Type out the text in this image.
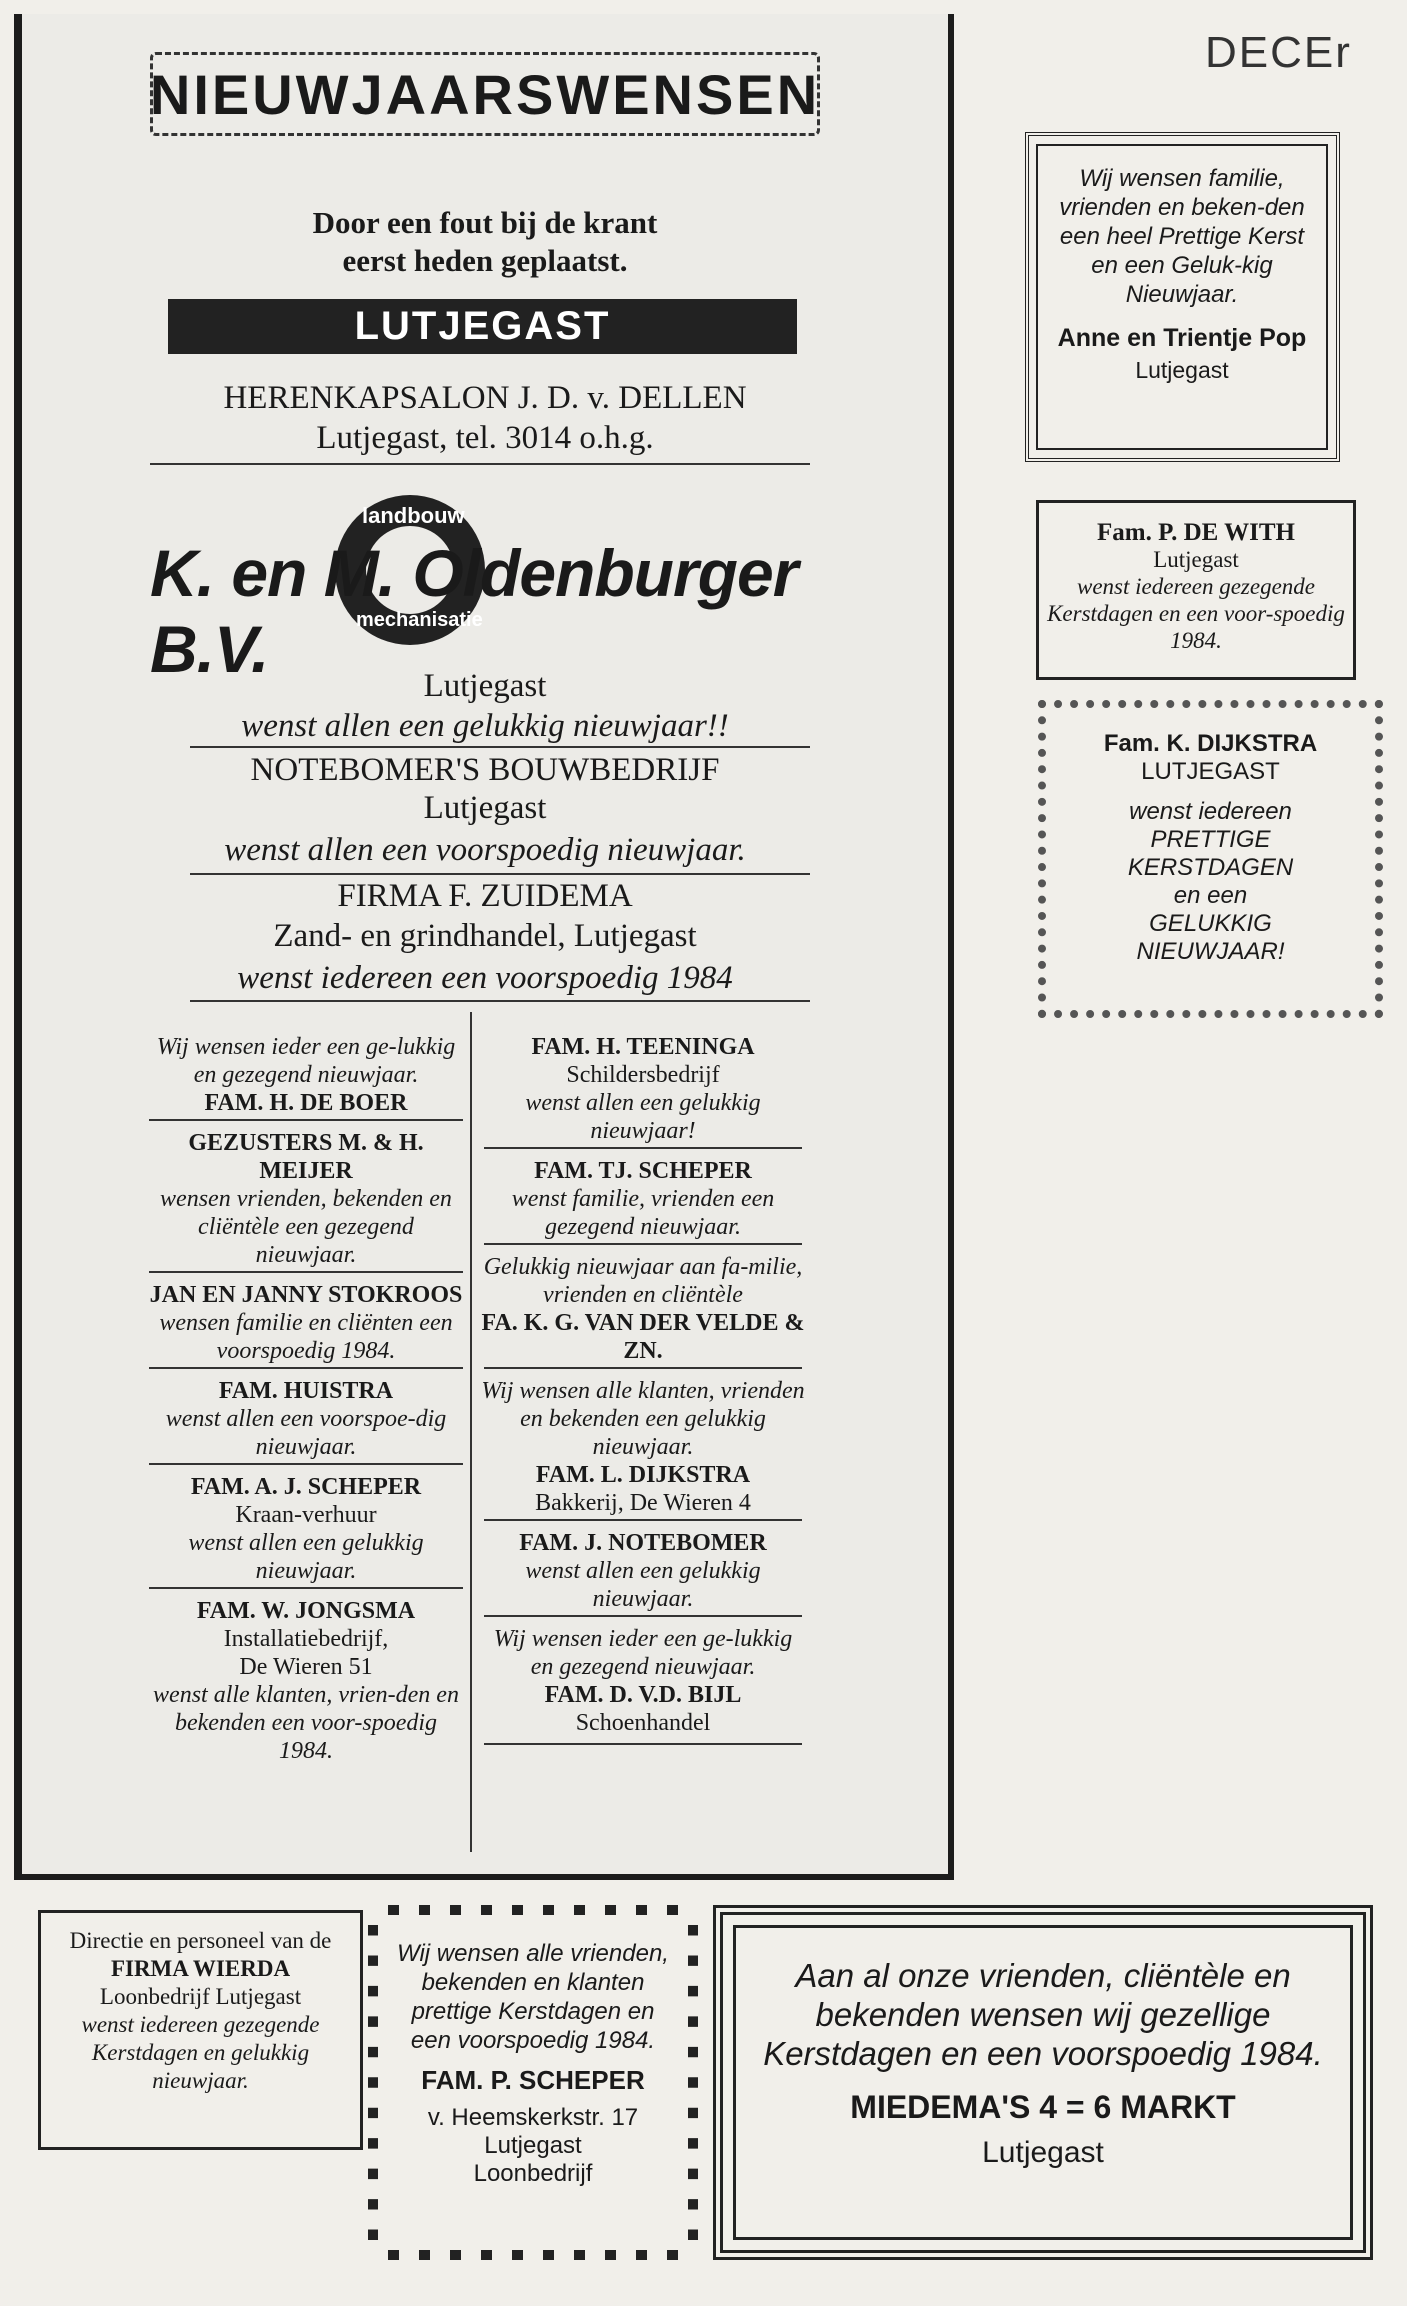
DECEr
NIEUWJAARSWENSEN
Door een fout bij de krant
eerst heden geplaatst.
LUTJEGAST
HERENKAPSALON J. D. v. DELLEN
Lutjegast, tel. 3014 o.h.g.
landbouw
mechanisatie
K. en M. Oldenburger B.V.	Lutjegast
wenst allen een gelukkig nieuwjaar!!
NOTEBOMER'S BOUWBEDRIJF
Lutjegast
wenst allen een voorspoedig nieuwjaar.
FIRMA F. ZUIDEMA
Zand- en grindhandel, Lutjegast
wenst iedereen een voorspoedig 1984
Wij wensen ieder een ge-lukkig en gezegend nieuwjaar.
FAM. H. DE BOER
GEZUSTERS M. & H. MEIJER
wensen vrienden, bekenden en cliëntèle een gezegend nieuwjaar.
JAN EN JANNY STOKROOS
wensen familie en cliënten een voorspoedig 1984.
FAM. HUISTRA
wenst allen een voorspoe-dig nieuwjaar.
FAM. A. J. SCHEPER
Kraan-verhuur
wenst allen een gelukkig nieuwjaar.
FAM. W. JONGSMA
Installatiebedrijf,
De Wieren 51
wenst alle klanten, vrien-den en bekenden een voor-spoedig 1984.
FAM. H. TEENINGA
Schildersbedrijf
wenst allen een gelukkig nieuwjaar!
FAM. TJ. SCHEPER
wenst familie, vrienden een gezegend nieuwjaar.
Gelukkig nieuwjaar aan fa-milie, vrienden en cliëntèle
FA. K. G. VAN DER VELDE & ZN.
Wij wensen alle klanten, vrienden en bekenden een gelukkig nieuwjaar.
FAM. L. DIJKSTRA
Bakkerij, De Wieren 4
FAM. J. NOTEBOMER
wenst allen een gelukkig nieuwjaar.
Wij wensen ieder een ge-lukkig en gezegend nieuwjaar.
FAM. D. V.D. BIJL
Schoenhandel
Wij wensen familie, vrienden en beken-den een heel Prettige Kerst en een Geluk-kig Nieuwjaar.
Anne en Trientje Pop
Lutjegast
Fam. P. DE WITH
Lutjegast
wenst iedereen gezegende Kerstdagen en een voor-spoedig 1984.
Fam. K. DIJKSTRA
LUTJEGAST
wenst iedereen
PRETTIGE
KERSTDAGEN
en een
GELUKKIG
NIEUWJAAR!
Directie en personeel van de
FIRMA WIERDA
Loonbedrijf Lutjegast
wenst iedereen gezegende Kerstdagen en gelukkig nieuwjaar.
Wij wensen alle vrienden, bekenden en klanten prettige Kerstdagen en een voorspoedig 1984.
FAM. P. SCHEPER
v. Heemskerkstr. 17
Lutjegast
Loonbedrijf
Aan al onze vrienden, cliëntèle en bekenden wensen wij gezellige Kerstdagen en een voorspoedig 1984.
MIEDEMA'S 4 = 6 MARKT
Lutjegast
